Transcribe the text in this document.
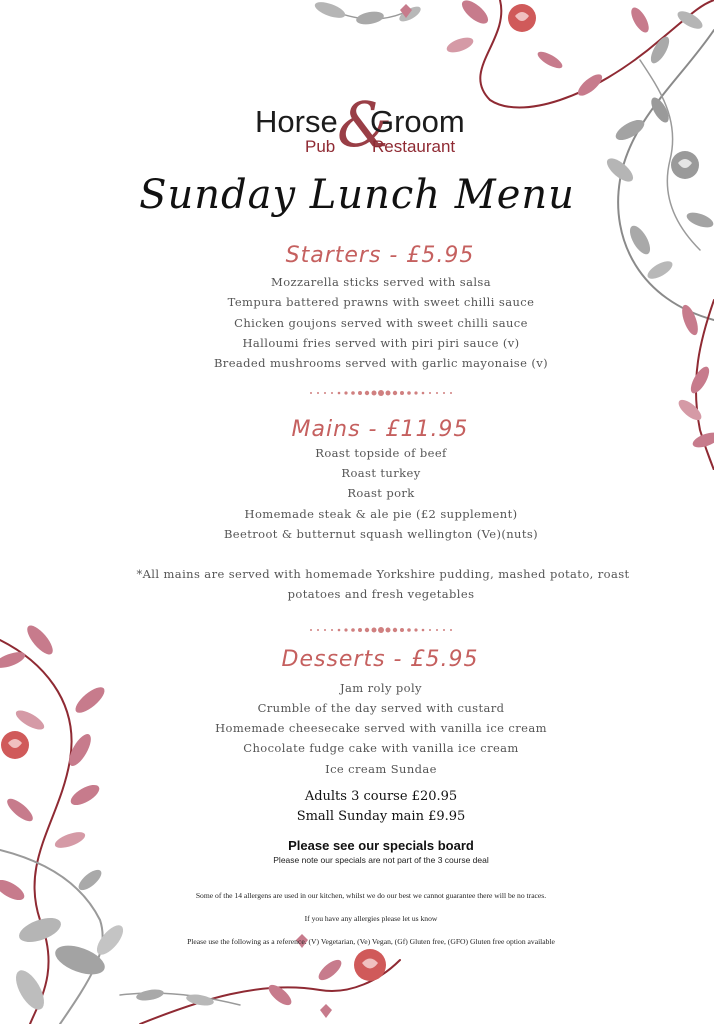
&
Horse Groom
Pub Restaurant
Sunday Lunch Menu
Starters - £5.95
Mozzarella sticks served with salsa
Tempura battered prawns with sweet chilli sauce
Chicken goujons served with sweet chilli sauce
Halloumi fries served with piri piri sauce (v)
Breaded mushrooms served with garlic mayonaise (v)
Mains - £11.95
Roast topside of beef
Roast turkey
Roast pork
Homemade steak & ale pie (£2 supplement)
Beetroot & butternut squash wellington (Ve)(nuts)
*All mains are served with homemade Yorkshire pudding, mashed potato, roast
potatoes and fresh vegetables
Desserts - £5.95
Jam roly poly
Crumble of the day served with custard
Homemade cheesecake served with vanilla ice cream
Chocolate fudge cake with vanilla ice cream
Ice cream Sundae
Adults 3 course £20.95
Small Sunday main £9.95
Please see our specials board
Please note our specials are not part of the 3 course deal
Some of the 14 allergens are used in our kitchen, whilst we do our best we cannot guarantee there will be no traces.
If you have any allergies please let us know
Please use the following as a reference. (V) Vegetarian, (Ve) Vegan, (Gf) Gluten free, (GFO) Gluten free option available
